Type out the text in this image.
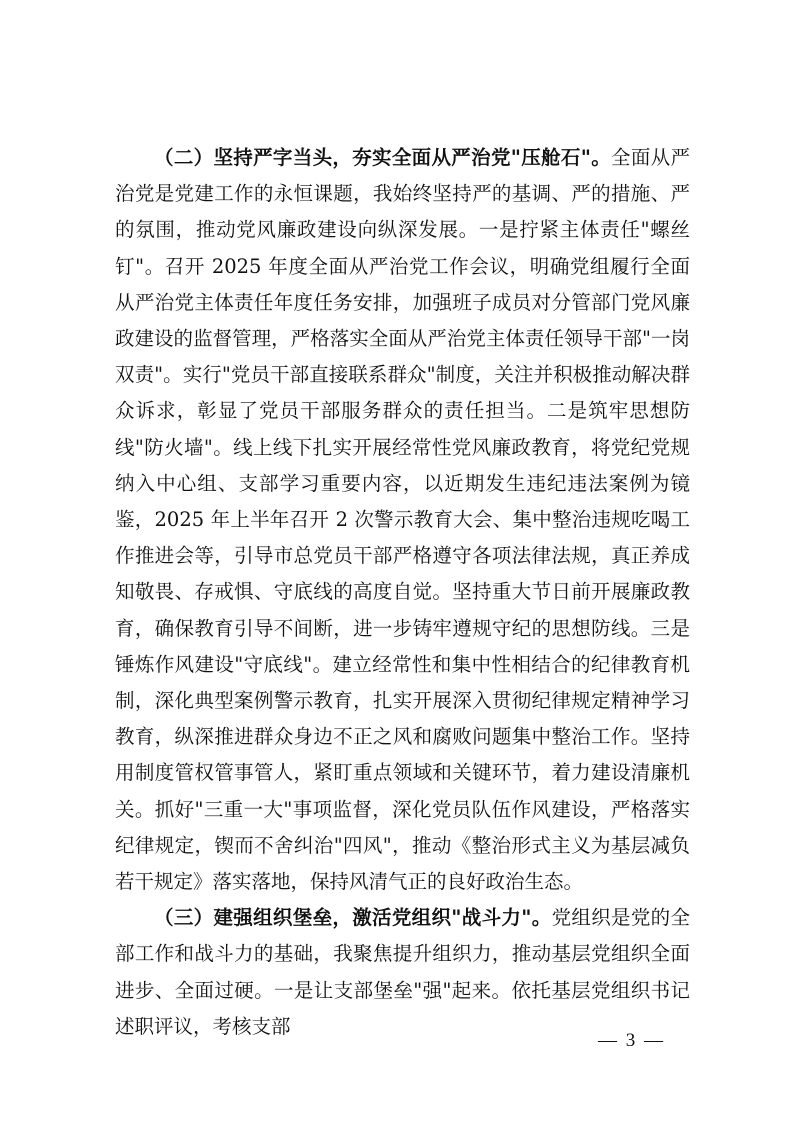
（二）坚持严字当头，夯实全面从严治党"压舱石"。全面从严治党是党建工作的永恒课题，我始终坚持严的基调、严的措施、严的氛围，推动党风廉政建设向纵深发展。一是拧紧主体责任"螺丝钉"。召开 2025 年度全面从严治党工作会议，明确党组履行全面从严治党主体责任年度任务安排，加强班子成员对分管部门党风廉政建设的监督管理，严格落实全面从严治党主体责任领导干部"一岗双责"。实行"党员干部直接联系群众"制度，关注并积极推动解决群众诉求，彰显了党员干部服务群众的责任担当。二是筑牢思想防线"防火墙"。线上线下扎实开展经常性党风廉政教育，将党纪党规纳入中心组、支部学习重要内容，以近期发生违纪违法案例为镜鉴，2025 年上半年召开 2 次警示教育大会、集中整治违规吃喝工作推进会等，引导市总党员干部严格遵守各项法律法规，真正养成知敬畏、存戒惧、守底线的高度自觉。坚持重大节日前开展廉政教育，确保教育引导不间断，进一步铸牢遵规守纪的思想防线。三是锤炼作风建设"守底线"。建立经常性和集中性相结合的纪律教育机制，深化典型案例警示教育，扎实开展深入贯彻纪律规定精神学习教育，纵深推进群众身边不正之风和腐败问题集中整治工作。坚持用制度管权管事管人，紧盯重点领域和关键环节，着力建设清廉机关。抓好"三重一大"事项监督，深化党员队伍作风建设，严格落实纪律规定，锲而不舍纠治"四风"，推动《整治形式主义为基层减负若干规定》落实落地，保持风清气正的良好政治生态。

（三）建强组织堡垒，激活党组织"战斗力"。党组织是党的全部工作和战斗力的基础，我聚焦提升组织力，推动基层党组织全面进步、全面过硬。一是让支部堡垒"强"起来。依托基层党组织书记述职评议，考核支部

— 3 —
